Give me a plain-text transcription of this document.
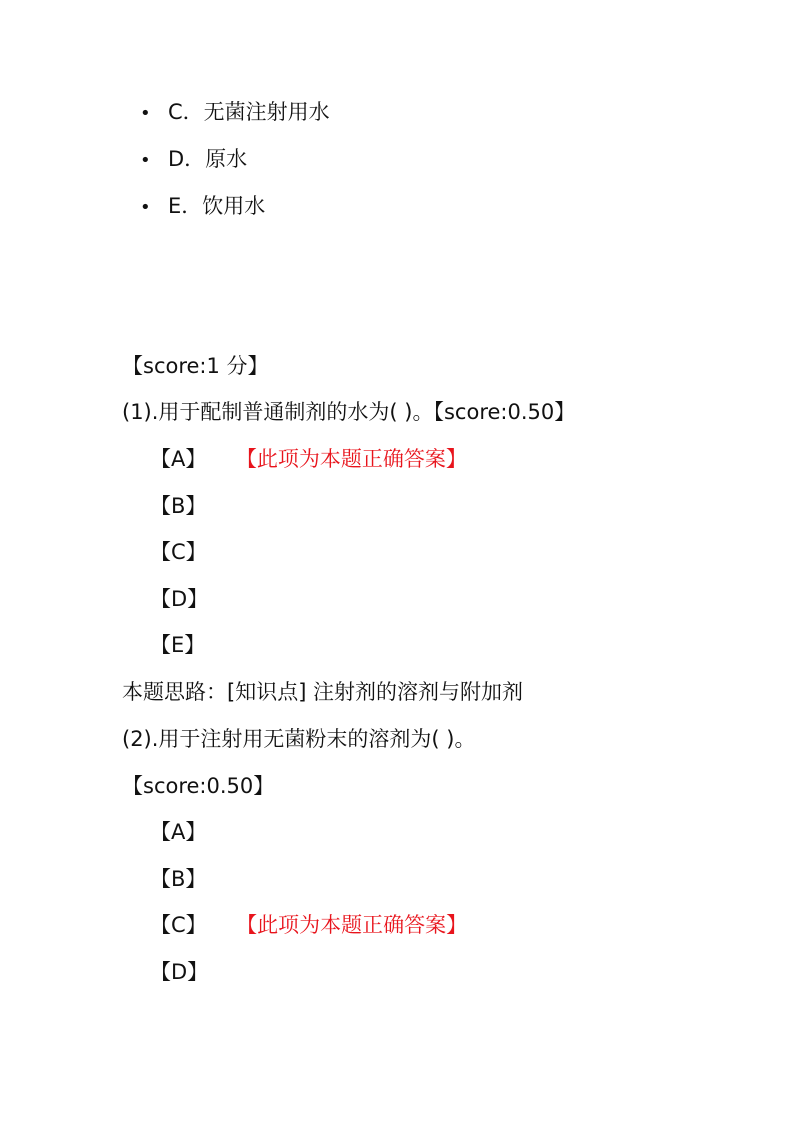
• C．无菌注射用水
• D．原水
• E．饮用水
【score:1 分】
(1).用于配制普通制剂的水为( )。【score:0.50】
【A】 【此项为本题正确答案】
【B】
【C】
【D】
【E】
本题思路：[知识点] 注射剂的溶剂与附加剂
(2).用于注射用无菌粉末的溶剂为( )。
【score:0.50】
【A】
【B】
【C】 【此项为本题正确答案】
【D】
